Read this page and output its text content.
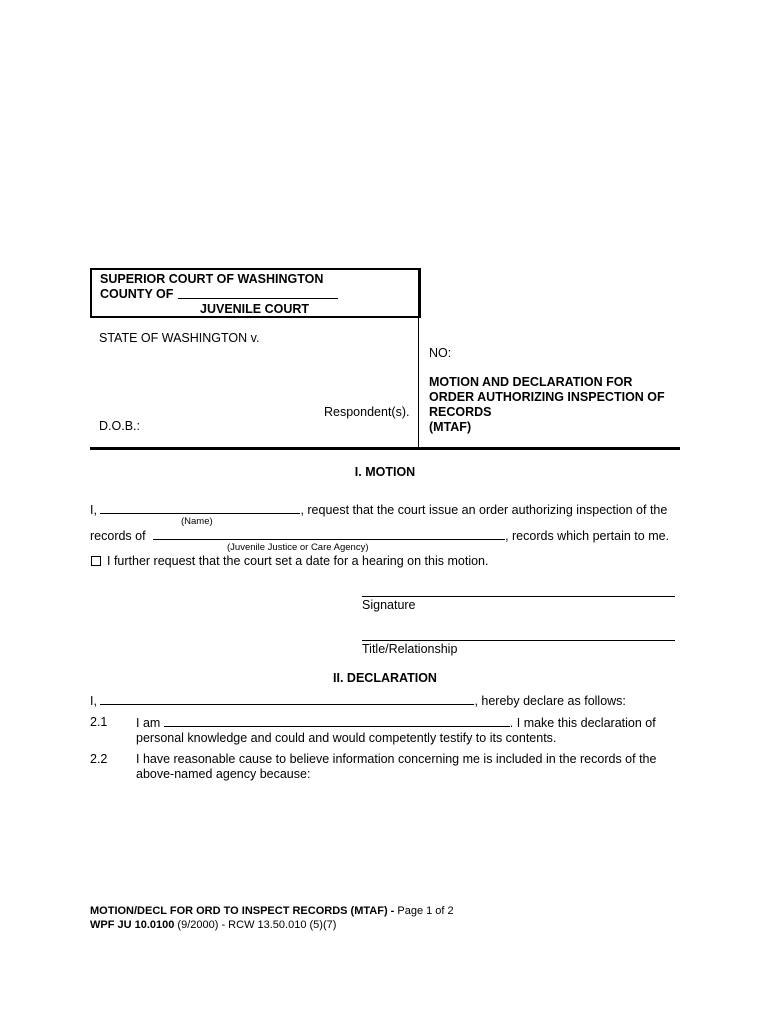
SUPERIOR COURT OF WASHINGTON
COUNTY OF
JUVENILE COURT
STATE OF WASHINGTON v.
Respondent(s).
D.O.B.:
NO:
MOTION AND DECLARATION FOR
ORDER AUTHORIZING INSPECTION OF
RECORDS
(MTAF)
I. MOTION
I,	, request that the court issue an order authorizing inspection of the
(Name)
records of	, records which pertain to me.
(Juvenile Justice or Care Agency)
I further request that the court set a date for a hearing on this motion.
Signature
Title/Relationship
II. DECLARATION
I,	, hereby declare as follows:
2.1 I am	. I make this declaration of
personal knowledge and could and would competently testify to its contents.
2.2 I have reasonable cause to believe information concerning me is included in the records of the
above-named agency because:
MOTION/DECL FOR ORD TO INSPECT RECORDS (MTAF) - Page 1 of 2
WPF JU 10.0100 (9/2000) - RCW 13.50.010 (5)(7)
